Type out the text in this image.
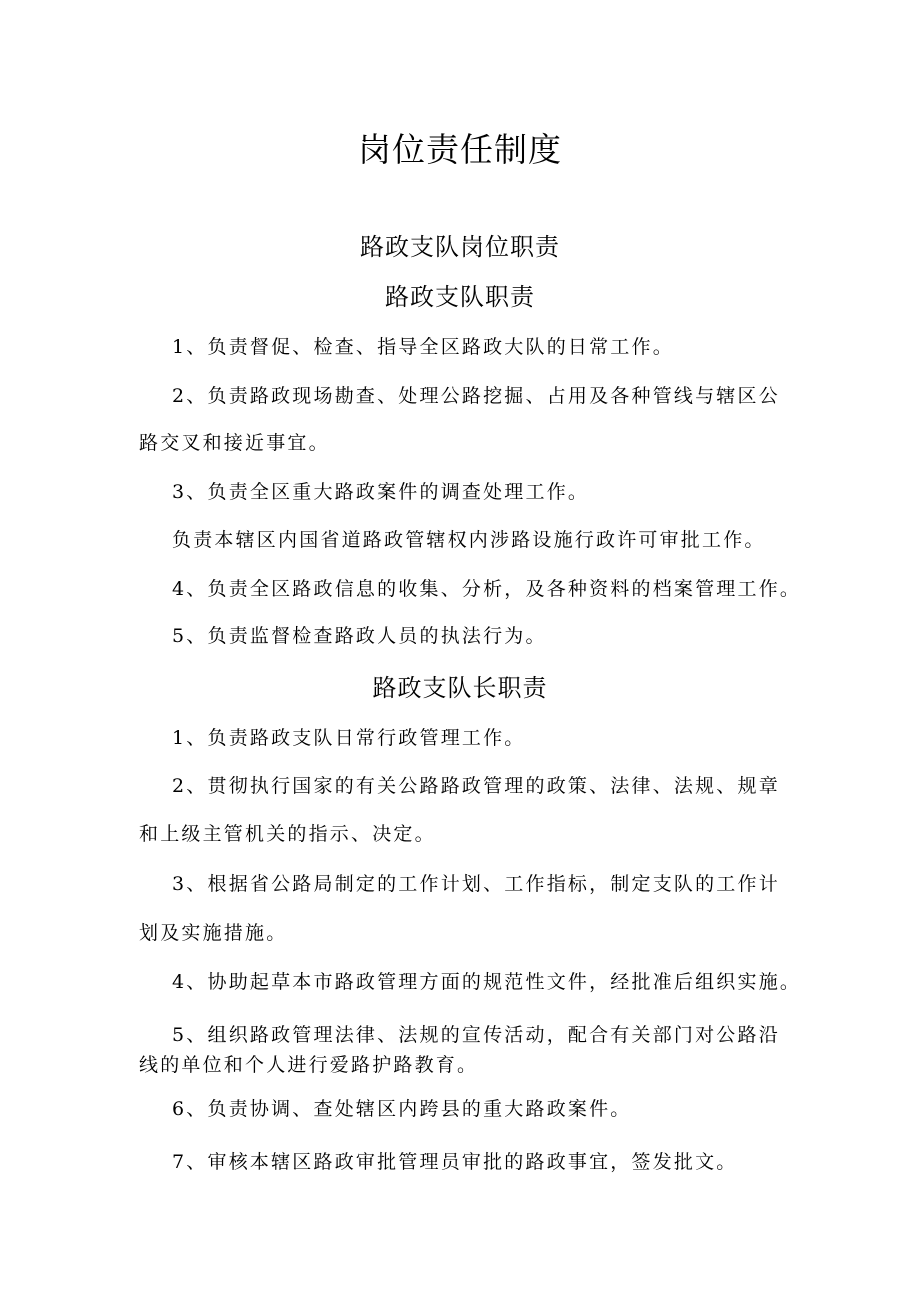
岗位责任制度
路政支队岗位职责
路政支队职责
1、负责督促、检查、指导全区路政大队的日常工作。
2、负责路政现场勘查、处理公路挖掘、占用及各种管线与辖区公
路交叉和接近事宜。
3、负责全区重大路政案件的调查处理工作。
负责本辖区内国省道路政管辖权内涉路设施行政许可审批工作。
4、负责全区路政信息的收集、分析，及各种资料的档案管理工作。
5、负责监督检查路政人员的执法行为。
路政支队长职责
1、负责路政支队日常行政管理工作。
2、贯彻执行国家的有关公路路政管理的政策、法律、法规、规章
和上级主管机关的指示、决定。
3、根据省公路局制定的工作计划、工作指标，制定支队的工作计
划及实施措施。
4、协助起草本市路政管理方面的规范性文件，经批准后组织实施。
5、组织路政管理法律、法规的宣传活动，配合有关部门对公路沿
线的单位和个人进行爱路护路教育。
6、负责协调、查处辖区内跨县的重大路政案件。
7、审核本辖区路政审批管理员审批的路政事宜，签发批文。
